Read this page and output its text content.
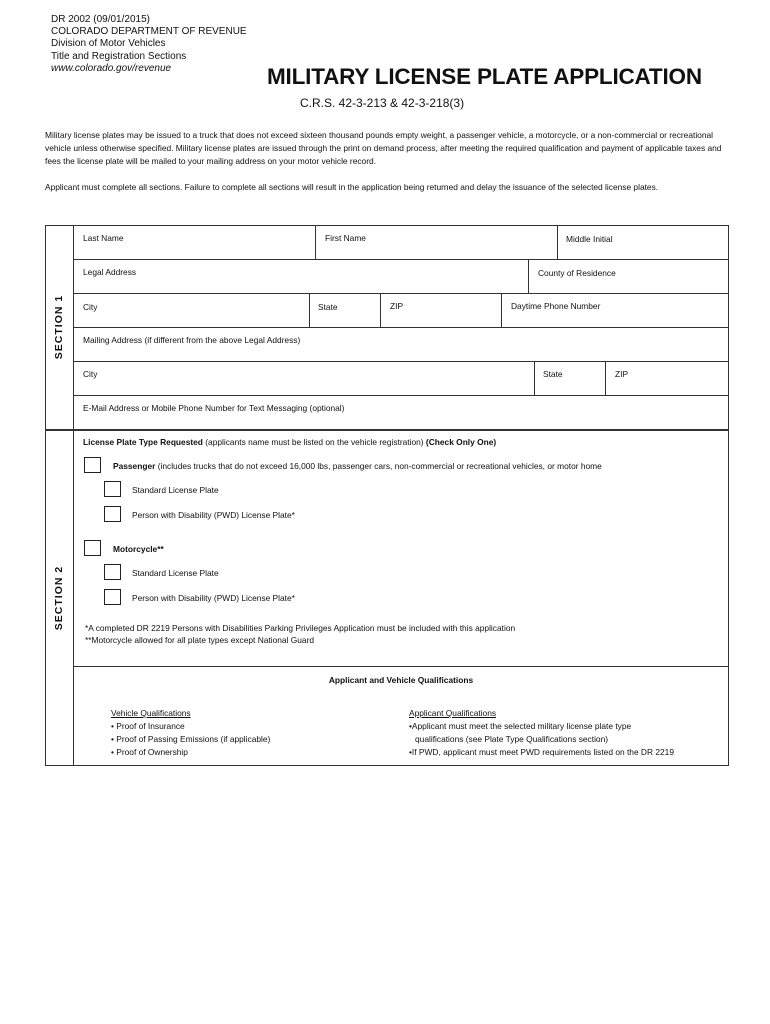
DR 2002 (09/01/2015)
COLORADO DEPARTMENT OF REVENUE
Division of Motor Vehicles
Title and Registration Sections
www.colorado.gov/revenue	MILITARY LICENSE PLATE APPLICATION
C.R.S. 42-3-213 & 42-3-218(3)
Military license plates may be issued to a truck that does not exceed sixteen thousand pounds empty weight, a passenger vehicle, a motorcycle, or a non-commercial or recreational vehicle unless otherwise specified. Military license plates are issued through the print on demand process, after meeting the required qualification and payment of applicable taxes and fees the license plate will be mailed to your mailing address on your motor vehicle record.
Applicant must complete all sections. Failure to complete all sections will result in the application being returned and delay the issuance of the selected license plates.
SECTION 1
Last Name	First Name	Middle Initial
Legal Address	County of Residence
City	State	ZIP	Daytime Phone Number
Mailing Address (if different from the above Legal Address)
City	State	ZIP
E-Mail Address or Mobile Phone Number for Text Messaging (optional)
SECTION 2
License Plate Type Requested (applicants name must be listed on the vehicle registration) (Check Only One)
Passenger (includes trucks that do not exceed 16,000 lbs, passenger cars, non-commercial or recreational vehicles, or motor home
Standard License Plate
Person with Disability (PWD) License Plate*
Motorcycle**
Standard License Plate
Person with Disability (PWD) License Plate*
*A completed DR 2219 Persons with Disabilities Parking Privileges Application must be included with this application
**Motorcycle allowed for all plate types except National Guard
Applicant and Vehicle Qualifications
Vehicle Qualifications
• Proof of Insurance
• Proof of Passing Emissions (if applicable)
• Proof of Ownership
Applicant Qualifications
•Applicant must meet the selected military license plate type
qualifications (see Plate Type Qualifications section)
•If PWD, applicant must meet PWD requirements listed on the DR 2219
